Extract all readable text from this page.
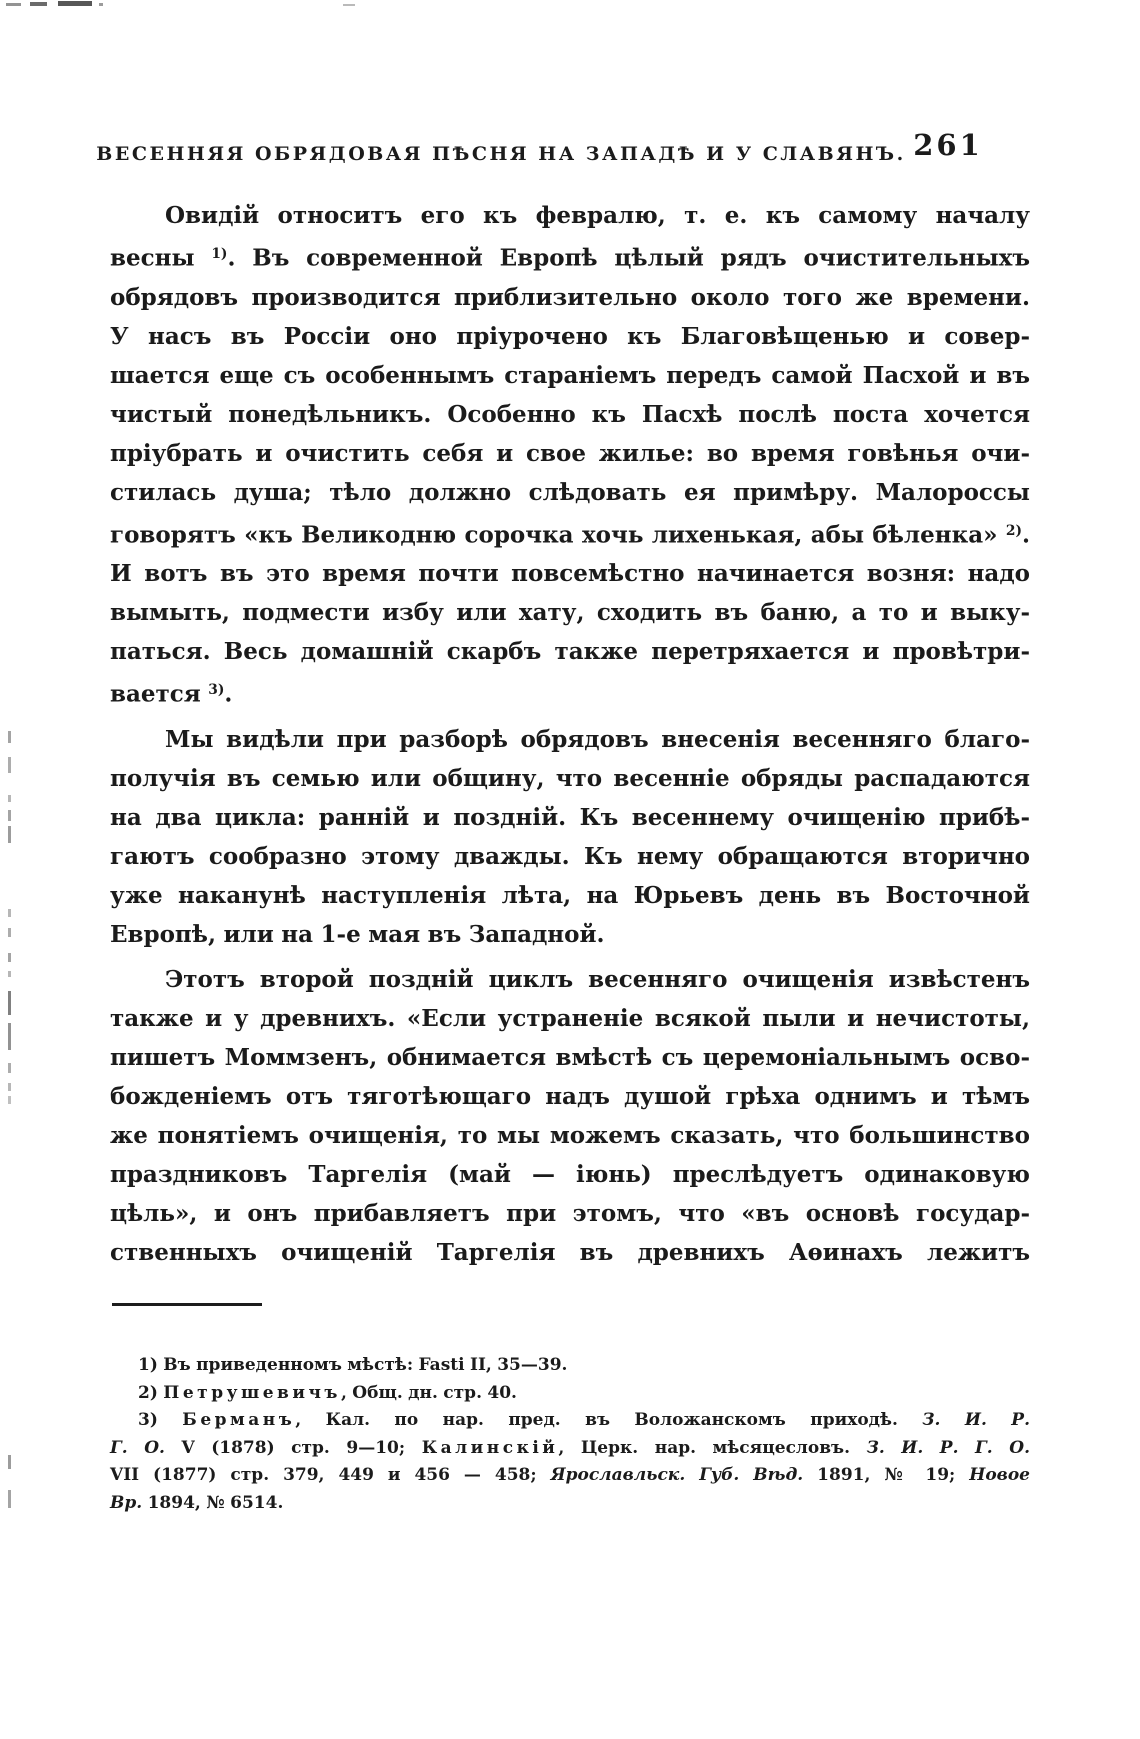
ВЕСЕННЯЯ ОБРЯДОВАЯ ПѢСНЯ НА ЗАПАДѢ И У СЛАВЯНЪ. 261
Овидій относитъ его къ февралю, т. е. къ самому началу
весны $^{1)}$. Въ современной Европѣ цѣлый рядъ очистительныхъ
обрядовъ производится приблизительно около того же времени.
У насъ въ Россіи оно пріурочено къ Благовѣщенью и совер-
шается еще съ особеннымъ стараніемъ передъ самой Пасхой и въ
чистый понедѣльникъ. Особенно къ Пасхѣ послѣ поста хочется
пріубрать и очистить себя и свое жилье: во время говѣнья очи-
стилась душа; тѣло должно слѣдовать ея примѣру. Малороссы
говорятъ «къ Великодню сорочка хочь лихенькая, абы бѣленка» $^{2)}$.
И вотъ въ это время почти повсемѣстно начинается возня: надо
вымыть, подмести избу или хату, сходить въ баню, а то и выку-
паться. Весь домашній скарбъ также перетряхается и провѣтри-
вается $^{3)}$.
Мы видѣли при разборѣ обрядовъ внесенія весенняго благо-
получія въ семью или общину, что весенніе обряды распадаются
на два цикла: ранній и поздній. Къ весеннему очищенію прибѣ-
гаютъ сообразно этому дважды. Къ нему обращаются вторично
уже наканунѣ наступленія лѣта, на Юрьевъ день въ Восточной
Европѣ, или на 1-е мая въ Западной.
Этотъ второй поздній циклъ весенняго очищенія извѣстенъ
также и у древнихъ. «Если устраненіе всякой пыли и нечистоты,
пишетъ Моммзенъ, обнимается вмѣстѣ съ церемоніальнымъ осво-
божденіемъ отъ тяготѣющаго надъ душой грѣха однимъ и тѣмъ
же понятіемъ очищенія, то мы можемъ сказать, что большинство
праздниковъ Таргелія (май — іюнь) преслѣдуетъ одинаковую
цѣль», и онъ прибавляетъ при этомъ, что «въ основѣ государ-
ственныхъ очищеній Таргелія въ древнихъ Аѳинахъ лежитъ
1) Въ приведенномъ мѣстѣ: Fasti II, 35—39.
2) Петрушевичъ, Общ. дн. стр. 40.
3) Берманъ, Кал. по нар. пред. въ Воложанскомъ приходѣ. З. И. Р.
Г. О. V (1878) стр. 9—10; Калинскій, Церк. нар. мѣсяцесловъ. З. И. Р. Г. О.
VII (1877) стр. 379, 449 и 456 — 458; Ярославльск. Губ. Вѣд. 1891, № 19; Новое
Вр. 1894, № 6514.
